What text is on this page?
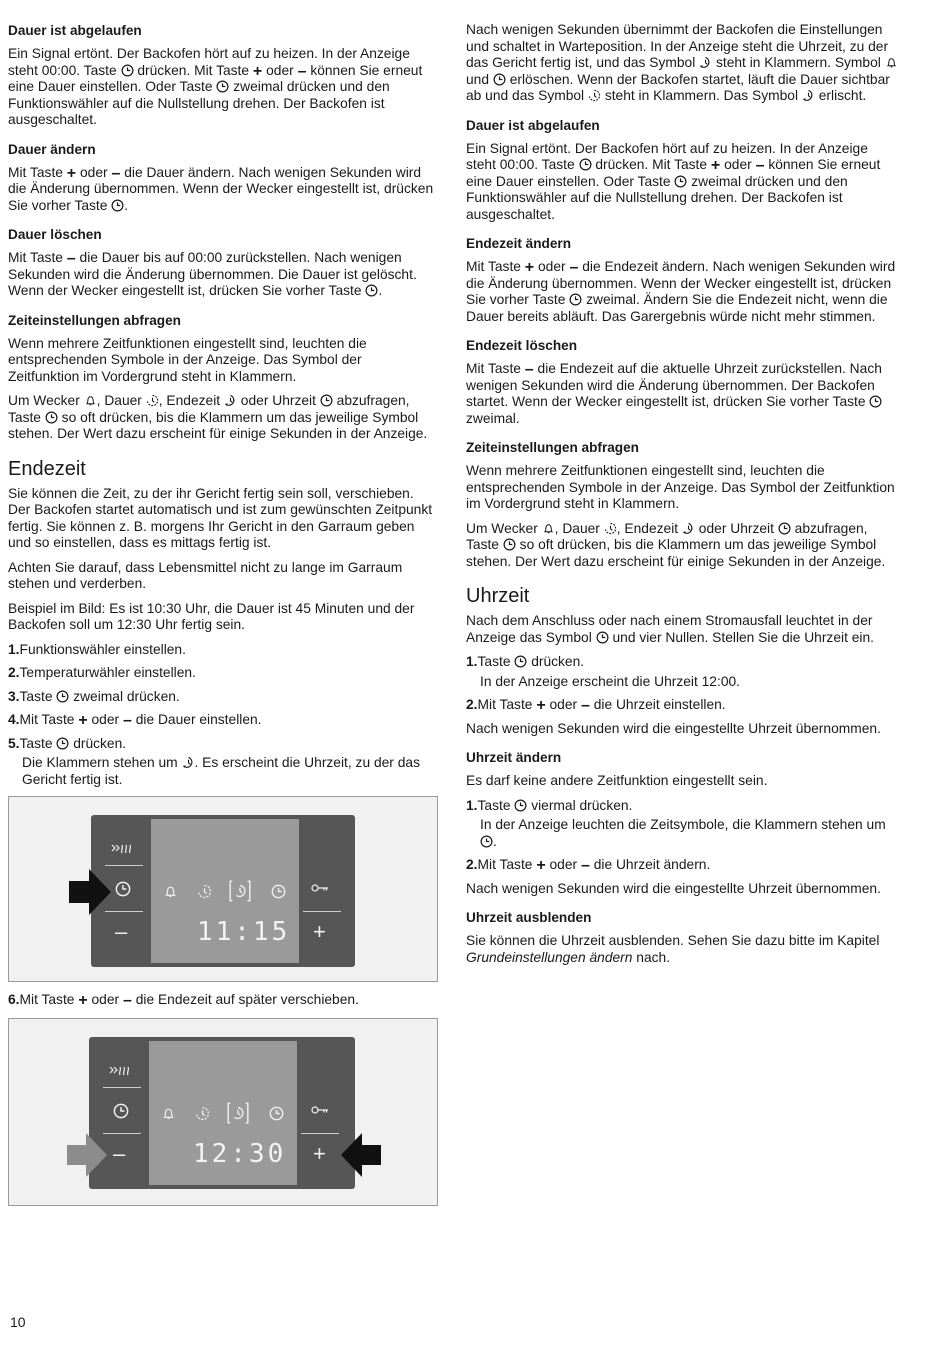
Dauer ist abgelaufen
Ein Signal ertönt. Der Backofen hört auf zu heizen. In der Anzeige steht 00:00. Taste drücken. Mit Taste + oder – können Sie erneut eine Dauer einstellen. Oder Taste zweimal drücken und den Funktionswähler auf die Nullstellung drehen. Der Backofen ist ausgeschaltet.
Dauer ändern
Mit Taste + oder – die Dauer ändern. Nach wenigen Sekunden wird die Änderung übernommen. Wenn der Wecker eingestellt ist, drücken Sie vorher Taste .
Dauer löschen
Mit Taste – die Dauer bis auf 00:00 zurückstellen. Nach wenigen Sekunden wird die Änderung übernommen. Die Dauer ist gelöscht. Wenn der Wecker eingestellt ist, drücken Sie vorher Taste .
Zeiteinstellungen abfragen
Wenn mehrere Zeitfunktionen eingestellt sind, leuchten die entsprechenden Symbole in der Anzeige. Das Symbol der Zeitfunktion im Vordergrund steht in Klammern.
Um Wecker , Dauer , Endezeit oder Uhrzeit abzufragen, Taste so oft drücken, bis die Klammern um das jeweilige Symbol stehen. Der Wert dazu erscheint für einige Sekunden in der Anzeige.
Endezeit
Sie können die Zeit, zu der ihr Gericht fertig sein soll, verschieben. Der Backofen startet automatisch und ist zum gewünschten Zeitpunkt fertig. Sie können z. B. morgens Ihr Gericht in den Garraum geben und so einstellen, dass es mittags fertig ist.
Achten Sie darauf, dass Lebensmittel nicht zu lange im Garraum stehen und verderben.
Beispiel im Bild: Es ist 10:30 Uhr, die Dauer ist 45 Minuten und der Backofen soll um 12:30 Uhr fertig sein.
1.Funktionswähler einstellen.
2.Temperaturwähler einstellen.
3.Taste zweimal drücken.
4.Mit Taste + oder – die Dauer einstellen.
5.Taste drücken.
Die Klammern stehen um . Es erscheint die Uhrzeit, zu der das Gericht fertig ist.
–	11:15 +
6.Mit Taste + oder – die Endezeit auf später verschieben.
–	12:30 +
Nach wenigen Sekunden übernimmt der Backofen die Einstellungen und schaltet in Warteposition. In der Anzeige steht die Uhrzeit, zu der das Gericht fertig ist, und das Symbol steht in Klammern. Symbol
und erlöschen. Wenn der Backofen startet, läuft die Dauer sichtbar ab und das Symbol steht in Klammern. Das Symbol erlischt.
Dauer ist abgelaufen
Ein Signal ertönt. Der Backofen hört auf zu heizen. In der Anzeige steht 00:00. Taste drücken. Mit Taste + oder – können Sie erneut eine Dauer einstellen. Oder Taste zweimal drücken und den Funktionswähler auf die Nullstellung drehen. Der Backofen ist ausgeschaltet.
Endezeit ändern
Mit Taste + oder – die Endezeit ändern. Nach wenigen Sekunden wird die Änderung übernommen. Wenn der Wecker eingestellt ist, drücken Sie vorher Taste zweimal. Ändern Sie die Endezeit nicht, wenn die Dauer bereits abläuft. Das Garergebnis würde nicht mehr stimmen.
Endezeit löschen
Mit Taste – die Endezeit auf die aktuelle Uhrzeit zurückstellen. Nach wenigen Sekunden wird die Änderung übernommen. Der Backofen startet. Wenn der Wecker eingestellt ist, drücken Sie vorher Taste
zweimal.
Zeiteinstellungen abfragen
Wenn mehrere Zeitfunktionen eingestellt sind, leuchten die entsprechenden Symbole in der Anzeige. Das Symbol der Zeitfunktion im Vordergrund steht in Klammern.
Um Wecker , Dauer , Endezeit oder Uhrzeit abzufragen, Taste so oft drücken, bis die Klammern um das jeweilige Symbol stehen. Der Wert dazu erscheint für einige Sekunden in der Anzeige.
Uhrzeit
Nach dem Anschluss oder nach einem Stromausfall leuchtet in der Anzeige das Symbol und vier Nullen. Stellen Sie die Uhrzeit ein.
1.Taste drücken.
In der Anzeige erscheint die Uhrzeit 12:00.
2.Mit Taste + oder – die Uhrzeit einstellen.
Nach wenigen Sekunden wird die eingestellte Uhrzeit übernommen.
Uhrzeit ändern
Es darf keine andere Zeitfunktion eingestellt sein.
1.Taste viermal drücken.
In der Anzeige leuchten die Zeitsymbole, die Klammern stehen um
.
2.Mit Taste + oder – die Uhrzeit ändern.
Nach wenigen Sekunden wird die eingestellte Uhrzeit übernommen.
Uhrzeit ausblenden
Sie können die Uhrzeit ausblenden. Sehen Sie dazu bitte im Kapitel Grundeinstellungen ändern nach.
10
